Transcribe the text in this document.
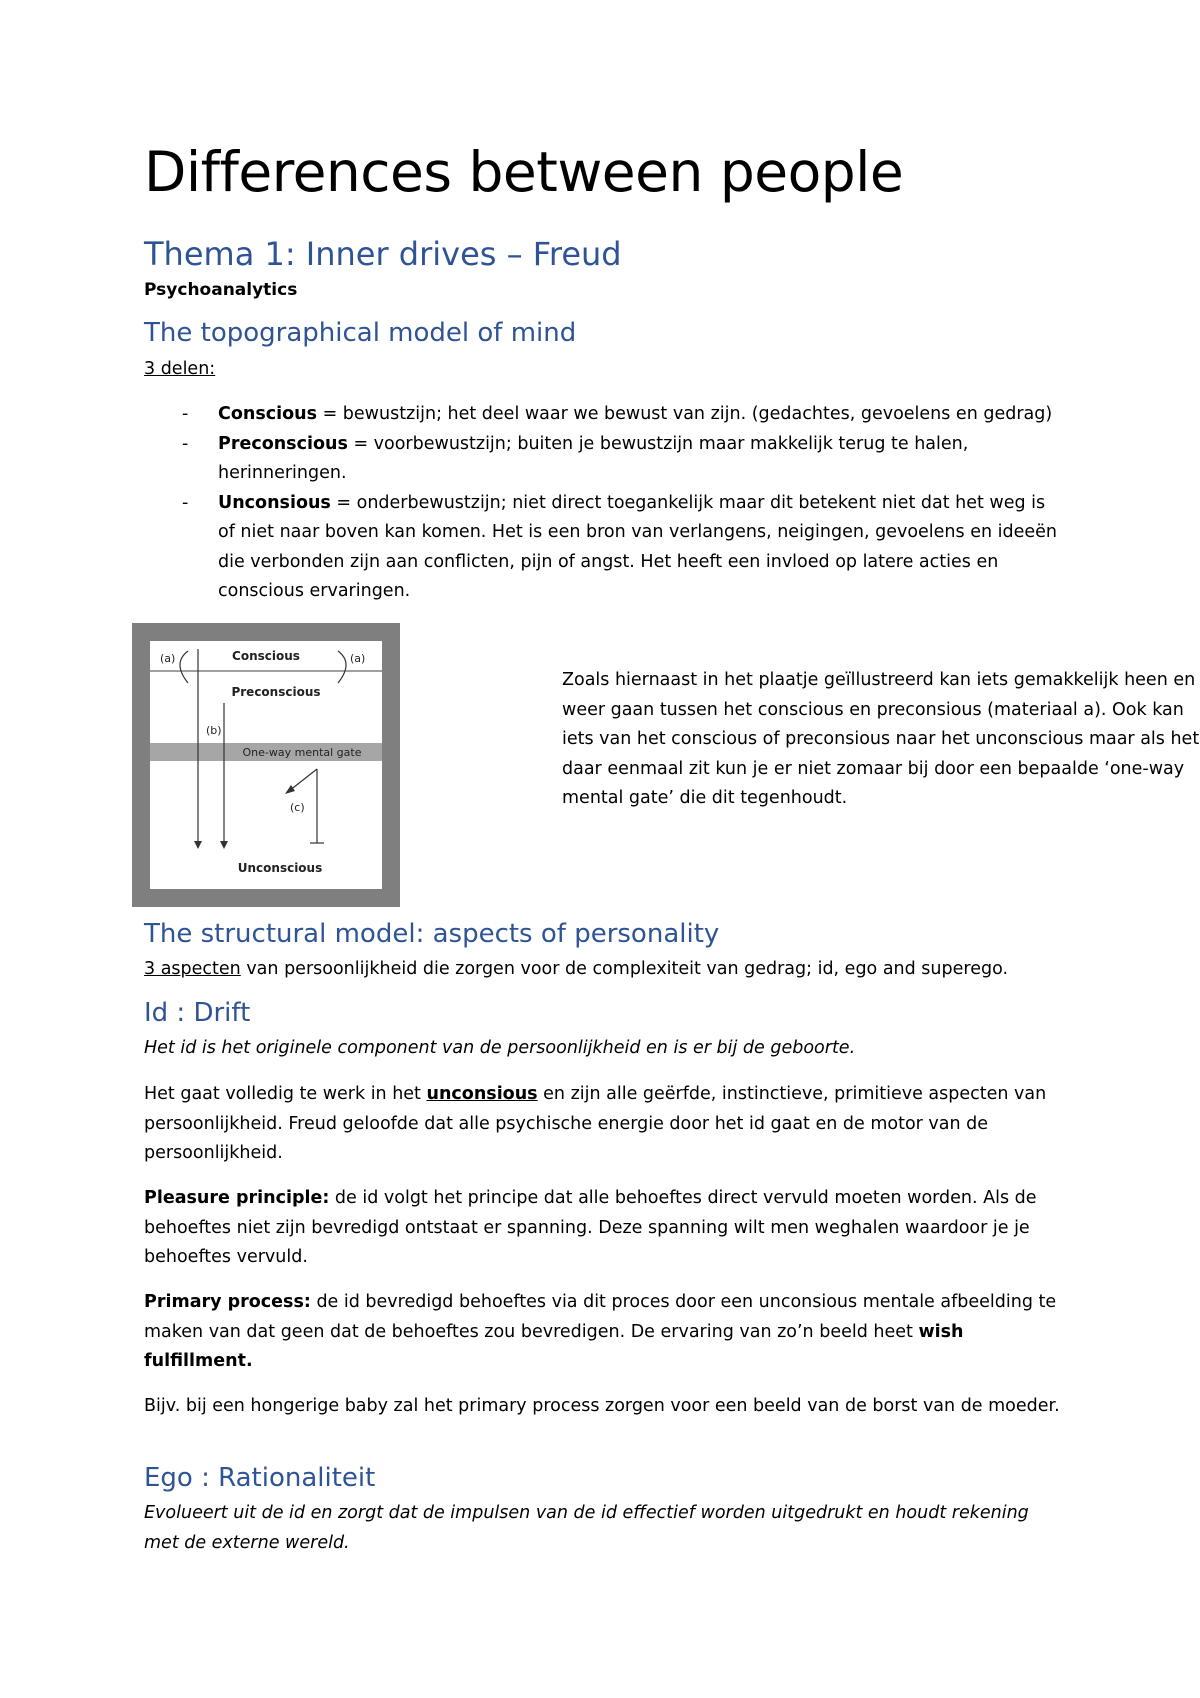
Differences between people
Thema 1: Inner drives – Freud

Psychoanalytics

The topographical model of mind

3 delen:

- Conscious = bewustzijn; het deel waar we bewust van zijn. (gedachtes, gevoelens en gedrag)
- Preconscious = voorbewustzijn; buiten je bewustzijn maar makkelijk terug te halen, herinneringen.
- Unconsious = onderbewustzijn; niet direct toegankelijk maar dit betekent niet dat het weg is of niet naar boven kan komen. Het is een bron van verlangens, neigingen, gevoelens en ideeën die verbonden zijn aan conflicten, pijn of angst. Het heeft een invloed op latere acties en conscious ervaringen.

Zoals hiernaast in het plaatje geïllustreerd kan iets gemakkelijk heen en weer gaan tussen het conscious en preconsious (materiaal a). Ook kan iets van het conscious of preconsious naar het unconscious maar als het daar eenmaal zit kun je er niet zomaar bij door een bepaalde ‘one-way mental gate’ die dit tegenhoudt.

The structural model: aspects of personality

3 aspecten van persoonlijkheid die zorgen voor de complexiteit van gedrag; id, ego and superego.

Id : Drift

Het id is het originele component van de persoonlijkheid en is er bij de geboorte.

Het gaat volledig te werk in het unconsious en zijn alle geërfde, instinctieve, primitieve aspecten van persoonlijkheid. Freud geloofde dat alle psychische energie door het id gaat en de motor van de persoonlijkheid.

Pleasure principle: de id volgt het principe dat alle behoeftes direct vervuld moeten worden. Als de behoeftes niet zijn bevredigd ontstaat er spanning. Deze spanning wilt men weghalen waardoor je je behoeftes vervuld.

Primary process: de id bevredigd behoeftes via dit proces door een unconsious mentale afbeelding te maken van dat geen dat de behoeftes zou bevredigen. De ervaring van zo’n beeld heet wish fulfillment.

Bijv. bij een hongerige baby zal het primary process zorgen voor een beeld van de borst van de moeder.

Ego : Rationaliteit

Evolueert uit de id en zorgt dat de impulsen van de id effectief worden uitgedrukt en houdt rekening met de externe wereld.

Conscious
Preconscious
One-way mental gate
Unconscious
(a)	(a)
(b)
(c)
